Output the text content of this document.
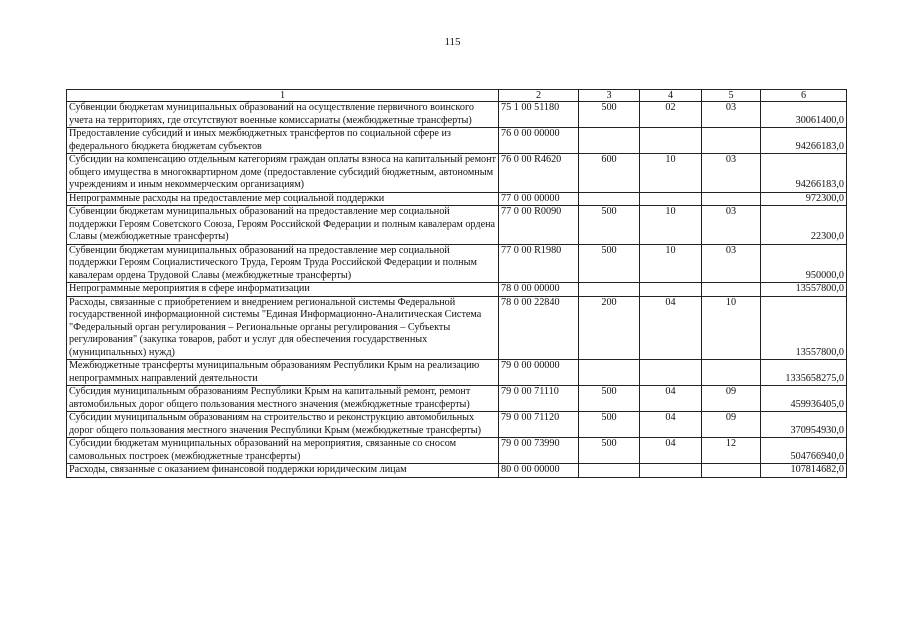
115
1	2	3	4	5	6
Субвенции бюджетам муниципальных образований на осуществление первичного воинского учета на территориях, где отсутствуют военные комиссариаты (межбюджетные трансферты)	75 1 00 51180	500	02	03	30061400,0
Предоставление субсидий и иных межбюджетных трансфертов по социальной сфере из федерального бюджета бюджетам субъектов	76 0 00 00000				94266183,0
Субсидии на компенсацию отдельным категориям граждан оплаты взноса на капитальный ремонт общего имущества в многоквартирном доме (предоставление субсидий бюджетным, автономным учреждениям и иным некоммерческим организациям)	76 0 00 R4620	600	10	03	94266183,0
Непрограммные расходы на предоставление мер социальной поддержки	77 0 00 00000				972300,0
Субвенции бюджетам муниципальных образований на предоставление мер социальной поддержки Героям Советского Союза, Героям Российской Федерации и полным кавалерам ордена Славы (межбюджетные трансферты)	77 0 00 R0090	500	10	03	22300,0
Субвенции бюджетам муниципальных образований на предоставление мер социальной поддержки Героям Социалистического Труда, Героям Труда Российской Федерации и полным кавалерам ордена Трудовой Славы (межбюджетные трансферты)	77 0 00 R1980	500	10	03	950000,0
Непрограммные мероприятия в сфере информатизации	78 0 00 00000				13557800,0
Расходы, связанные с приобретением и внедрением региональной системы Федеральной государственной информационной системы "Единая Информационно-Аналитическая Система "Федеральный орган регулирования – Региональные органы регулирования – Субъекты регулирования" (закупка товаров, работ и услуг для обеспечения государственных (муниципальных) нужд)	78 0 00 22840	200	04	10	13557800,0
Межбюджетные трансферты муниципальным образованиям Республики Крым на реализацию непрограммных направлений деятельности	79 0 00 00000				1335658275,0
Субсидия муниципальным образованиям Республики Крым на капитальный ремонт, ремонт автомобильных дорог общего пользования местного значения (межбюджетные трансферты)	79 0 00 71110	500	04	09	459936405,0
Субсидии муниципальным образованиям на строительство и реконструкцию автомобильных дорог общего пользования местного значения Республики Крым (межбюджетные трансферты)	79 0 00 71120	500	04	09	370954930,0
Субсидии бюджетам муниципальных образований на мероприятия, связанные со сносом самовольных построек (межбюджетные трансферты)	79 0 00 73990	500	04	12	504766940,0
Расходы, связанные с оказанием финансовой поддержки юридическим лицам	80 0 00 00000				107814682,0
